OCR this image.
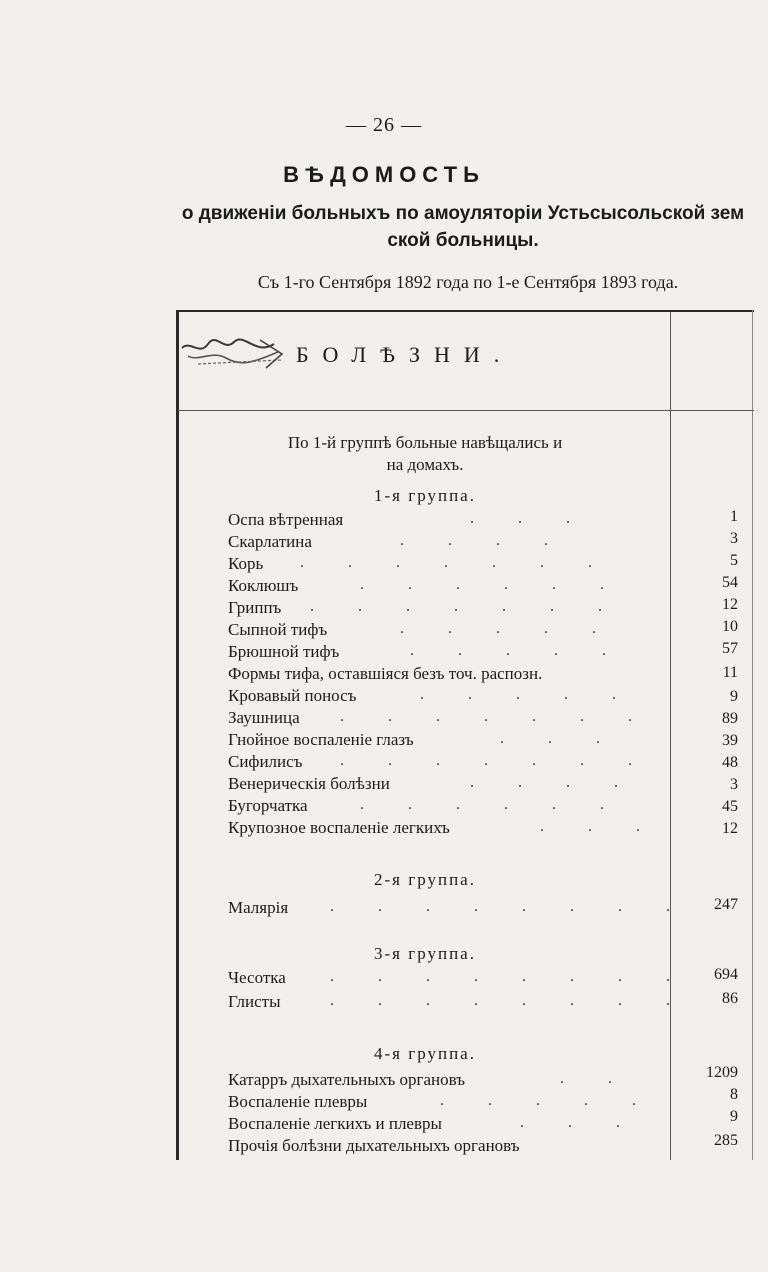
— 26 —
ВѢДОМОСТЬ
о движеніи больныхъ по амоуляторіи Устьсысольской зем
ской больницы.
Съ 1-го Сентября 1892 года по 1-е Сентября 1893 года.
БОЛѢЗНИ.
По 1-й группѣ больные навѣщались и
на домахъ.
1-я группа.
Оспа вѣтренная	. . .	1
Скарлатина	. . . .	3
Корь . . . . . . .	5
Коклюшъ	. . . . . .	54
Гриппъ . . . . . . .	12
Сыпной тифъ	. . . . .	10
Брюшной тифъ	. . . . .	57
Формы тифа, оставшіяся безъ точ. распозн.	11
Кровавый поносъ	. . . . .	9
Заушница	. . . . . . .	89
Гнойное воспаленіе глазъ	. . .	39
Сифилисъ . . . . . . .	48
Венерическія болѣзни	. . . .	3
Бугорчатка	. . . . . .	45
Крупозное воспаленіе легкихъ	. . .	12
2-я группа.
Малярія	. . . . . . . .	247
3-я группа.
Чесотка	. . . . . . . .	694
Глисты	. . . . . . . .	86
4-я группа.
Катарръ дыхательныхъ органовъ	. .	1209
Воспаленіе плевры	. . . . .	8
Воспаленіе легкихъ и плевры	. . .	9
Прочія болѣзни дыхательныхъ органовъ	285
